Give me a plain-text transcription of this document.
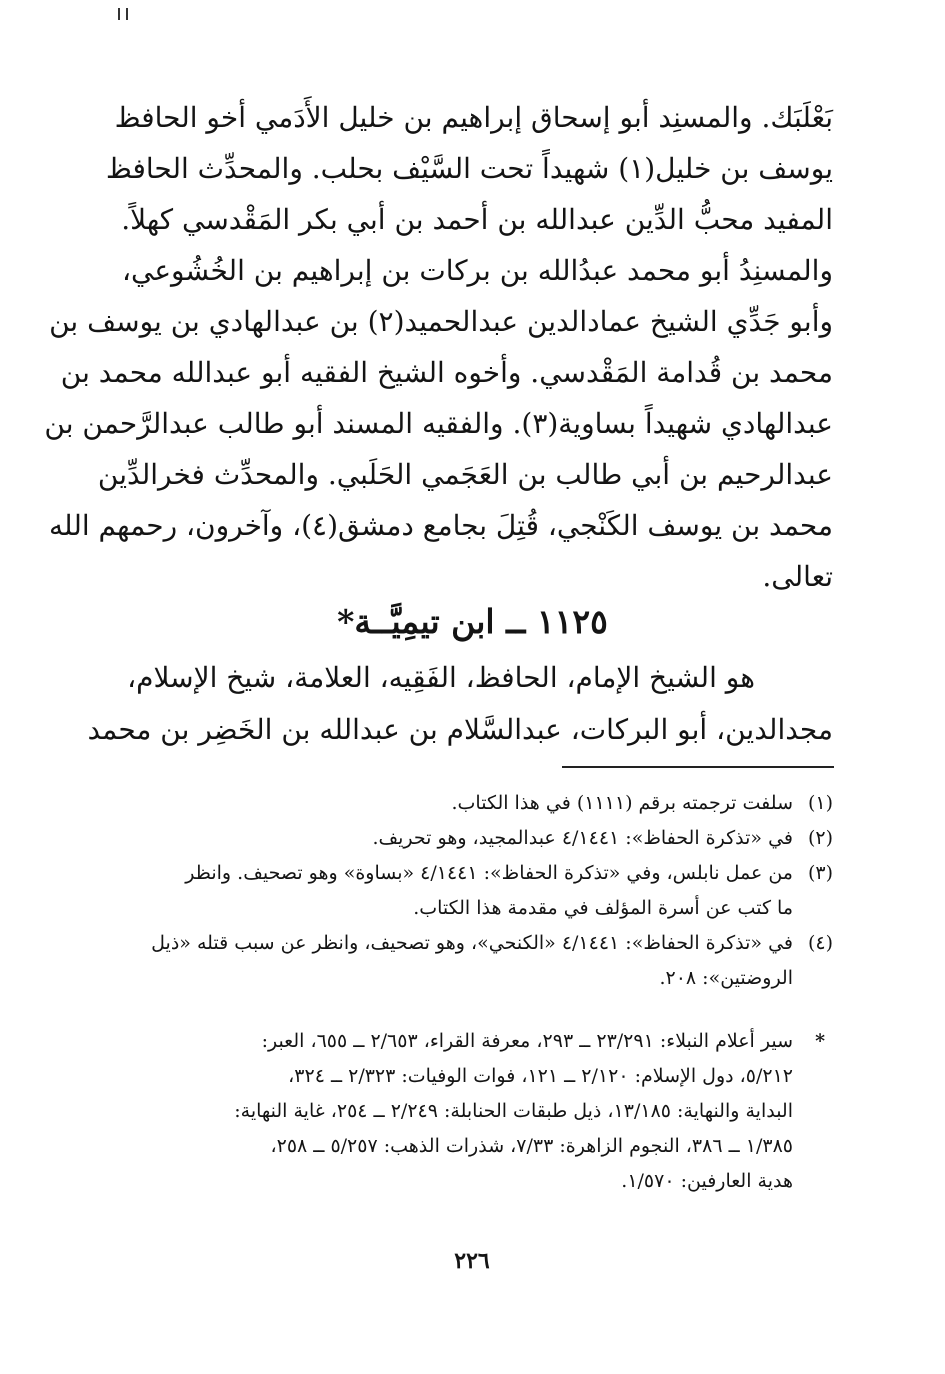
بَعْلَبَك. والمسنِد أبو إسحاق إبراهيم بن خليل الأَدَمي أخو الحافظ
يوسف بن خليل(١) شهيداً تحت السَّيْف بحلب. والمحدِّث الحافظ
المفيد محبُّ الدِّين عبدالله بن أحمد بن أبي بكر المَقْدسي كهلاً.
والمسنِدُ أبو محمد عبدُالله بن بركات بن إبراهيم بن الخُشُوعي،
وأبو جَدِّي الشيخ عمادالدين عبدالحميد(٢) بن عبدالهادي بن يوسف بن
محمد بن قُدامة المَقْدسي. وأخوه الشيخ الفقيه أبو عبدالله محمد بن
عبدالهادي شهيداً بساوية(٣). والفقيه المسند أبو طالب عبدالرَّحمن بن
عبدالرحيم بن أبي طالب بن العَجَمي الحَلَبي. والمحدِّث فخرالدِّين
محمد بن يوسف الكَنْجي، قُتِلَ بجامع دمشق(٤)، وآخرون، رحمهم الله
تعالى.
١١٢٥ ــ ابن تيمِيَّــة*
هو الشيخ الإمام، الحافظ، الفَقِيه، العلامة، شيخ الإسلام،
مجدالدين، أبو البركات، عبدالسَّلام بن عبدالله بن الخَضِر بن محمد
(١)
سلفت ترجمته برقم (١١١١) في هذا الكتاب.
(٢)
في «تذكرة الحفاظ»: ٤/١٤٤١ عبدالمجيد، وهو تحريف.
(٣)
من عمل نابلس، وفي «تذكرة الحفاظ»: ٤/١٤٤١ «بساوة» وهو تصحيف. وانظر
ما كتب عن أسرة المؤلف في مقدمة هذا الكتاب.
(٤)
في «تذكرة الحفاظ»: ٤/١٤٤١ «الكنحي»، وهو تصحيف، وانظر عن سبب قتله «ذيل
الروضتين»: ٢٠٨.
*
سير أعلام النبلاء: ٢٣/٢٩١ ــ ٢٩٣، معرفة القراء، ٢/٦٥٣ ــ ٦٥٥، العبر:
٥/٢١٢، دول الإسلام: ٢/١٢٠ ــ ١٢١، فوات الوفيات: ٢/٣٢٣ ــ ٣٢٤،
البداية والنهاية: ١٣/١٨٥، ذيل طبقات الحنابلة: ٢/٢٤٩ ــ ٢٥٤، غاية النهاية:
١/٣٨٥ ــ ٣٨٦، النجوم الزاهرة: ٧/٣٣، شذرات الذهب: ٥/٢٥٧ ــ ٢٥٨،
هدية العارفين: ١/٥٧٠.
٢٢٦
